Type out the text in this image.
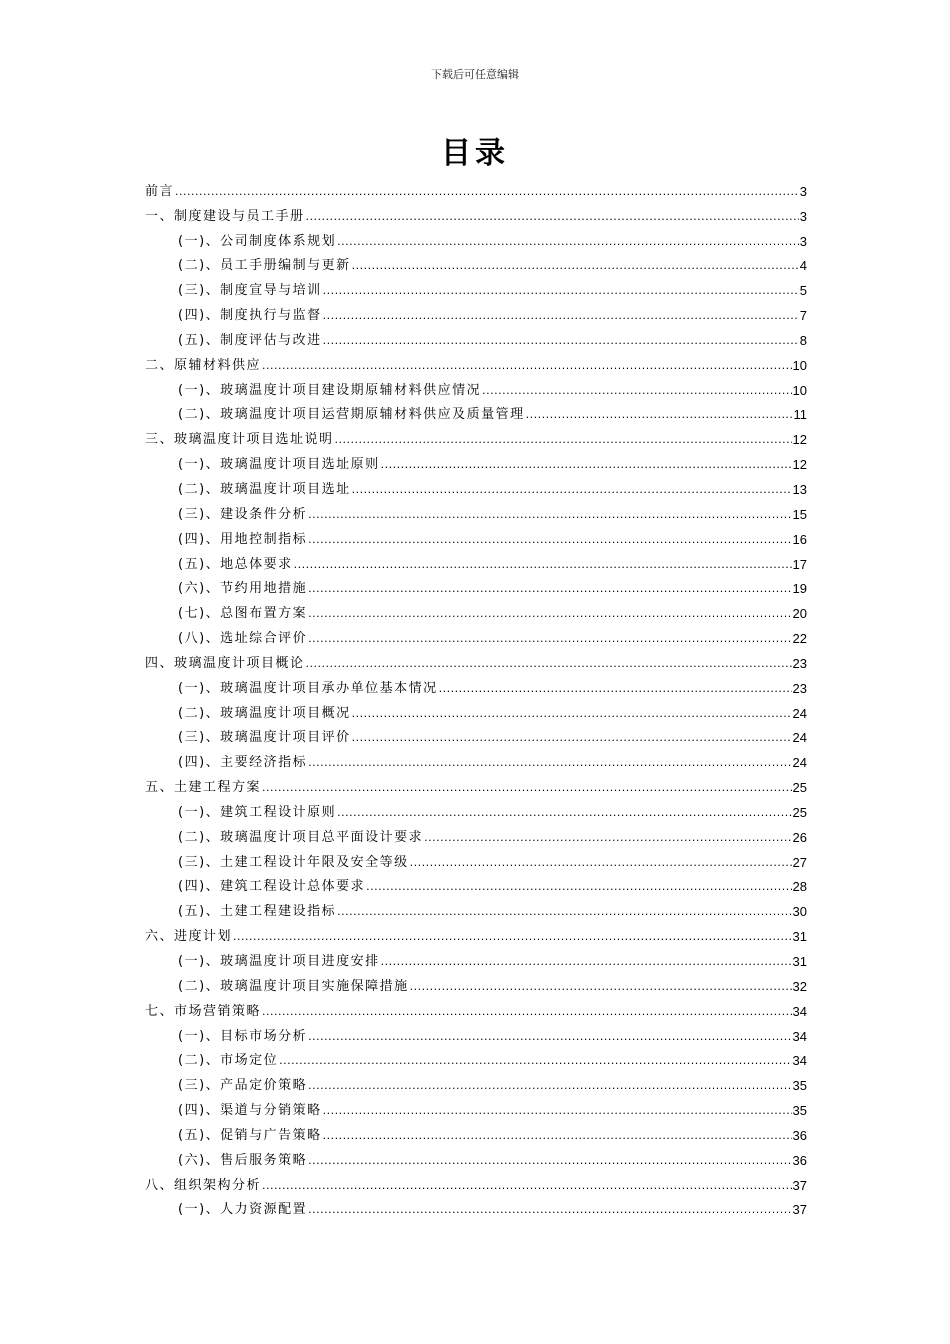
下载后可任意编辑
目录
前言 .....	3
一、制度建设与员工手册 .....	3
(一)、公司制度体系规划 .....	3
(二)、员工手册编制与更新 .....	4
(三)、制度宣导与培训 .....	5
(四)、制度执行与监督 .....	7
(五)、制度评估与改进 .....	8
二、原辅材料供应 .....	10
(一)、玻璃温度计项目建设期原辅材料供应情况 .....	10
(二)、玻璃温度计项目运营期原辅材料供应及质量管理 .....	11
三、玻璃温度计项目选址说明 .....	12
(一)、玻璃温度计项目选址原则 .....	12
(二)、玻璃温度计项目选址 .....	13
(三)、建设条件分析 .....	15
(四)、用地控制指标 .....	16
(五)、地总体要求 .....	17
(六)、节约用地措施 .....	19
(七)、总图布置方案 .....	20
(八)、选址综合评价 .....	22
四、玻璃温度计项目概论 .....	23
(一)、玻璃温度计项目承办单位基本情况 .....	23
(二)、玻璃温度计项目概况 .....	24
(三)、玻璃温度计项目评价 .....	24
(四)、主要经济指标 .....	24
五、土建工程方案 .....	25
(一)、建筑工程设计原则 .....	25
(二)、玻璃温度计项目总平面设计要求 .....	26
(三)、土建工程设计年限及安全等级 .....	27
(四)、建筑工程设计总体要求 .....	28
(五)、土建工程建设指标 .....	30
六、进度计划 .....	31
(一)、玻璃温度计项目进度安排 .....	31
(二)、玻璃温度计项目实施保障措施 .....	32
七、市场营销策略 .....	34
(一)、目标市场分析 .....	34
(二)、市场定位 .....	34
(三)、产品定价策略 .....	35
(四)、渠道与分销策略 .....	35
(五)、促销与广告策略 .....	36
(六)、售后服务策略 .....	36
八、组织架构分析 .....	37
(一)、人力资源配置 .....	37
